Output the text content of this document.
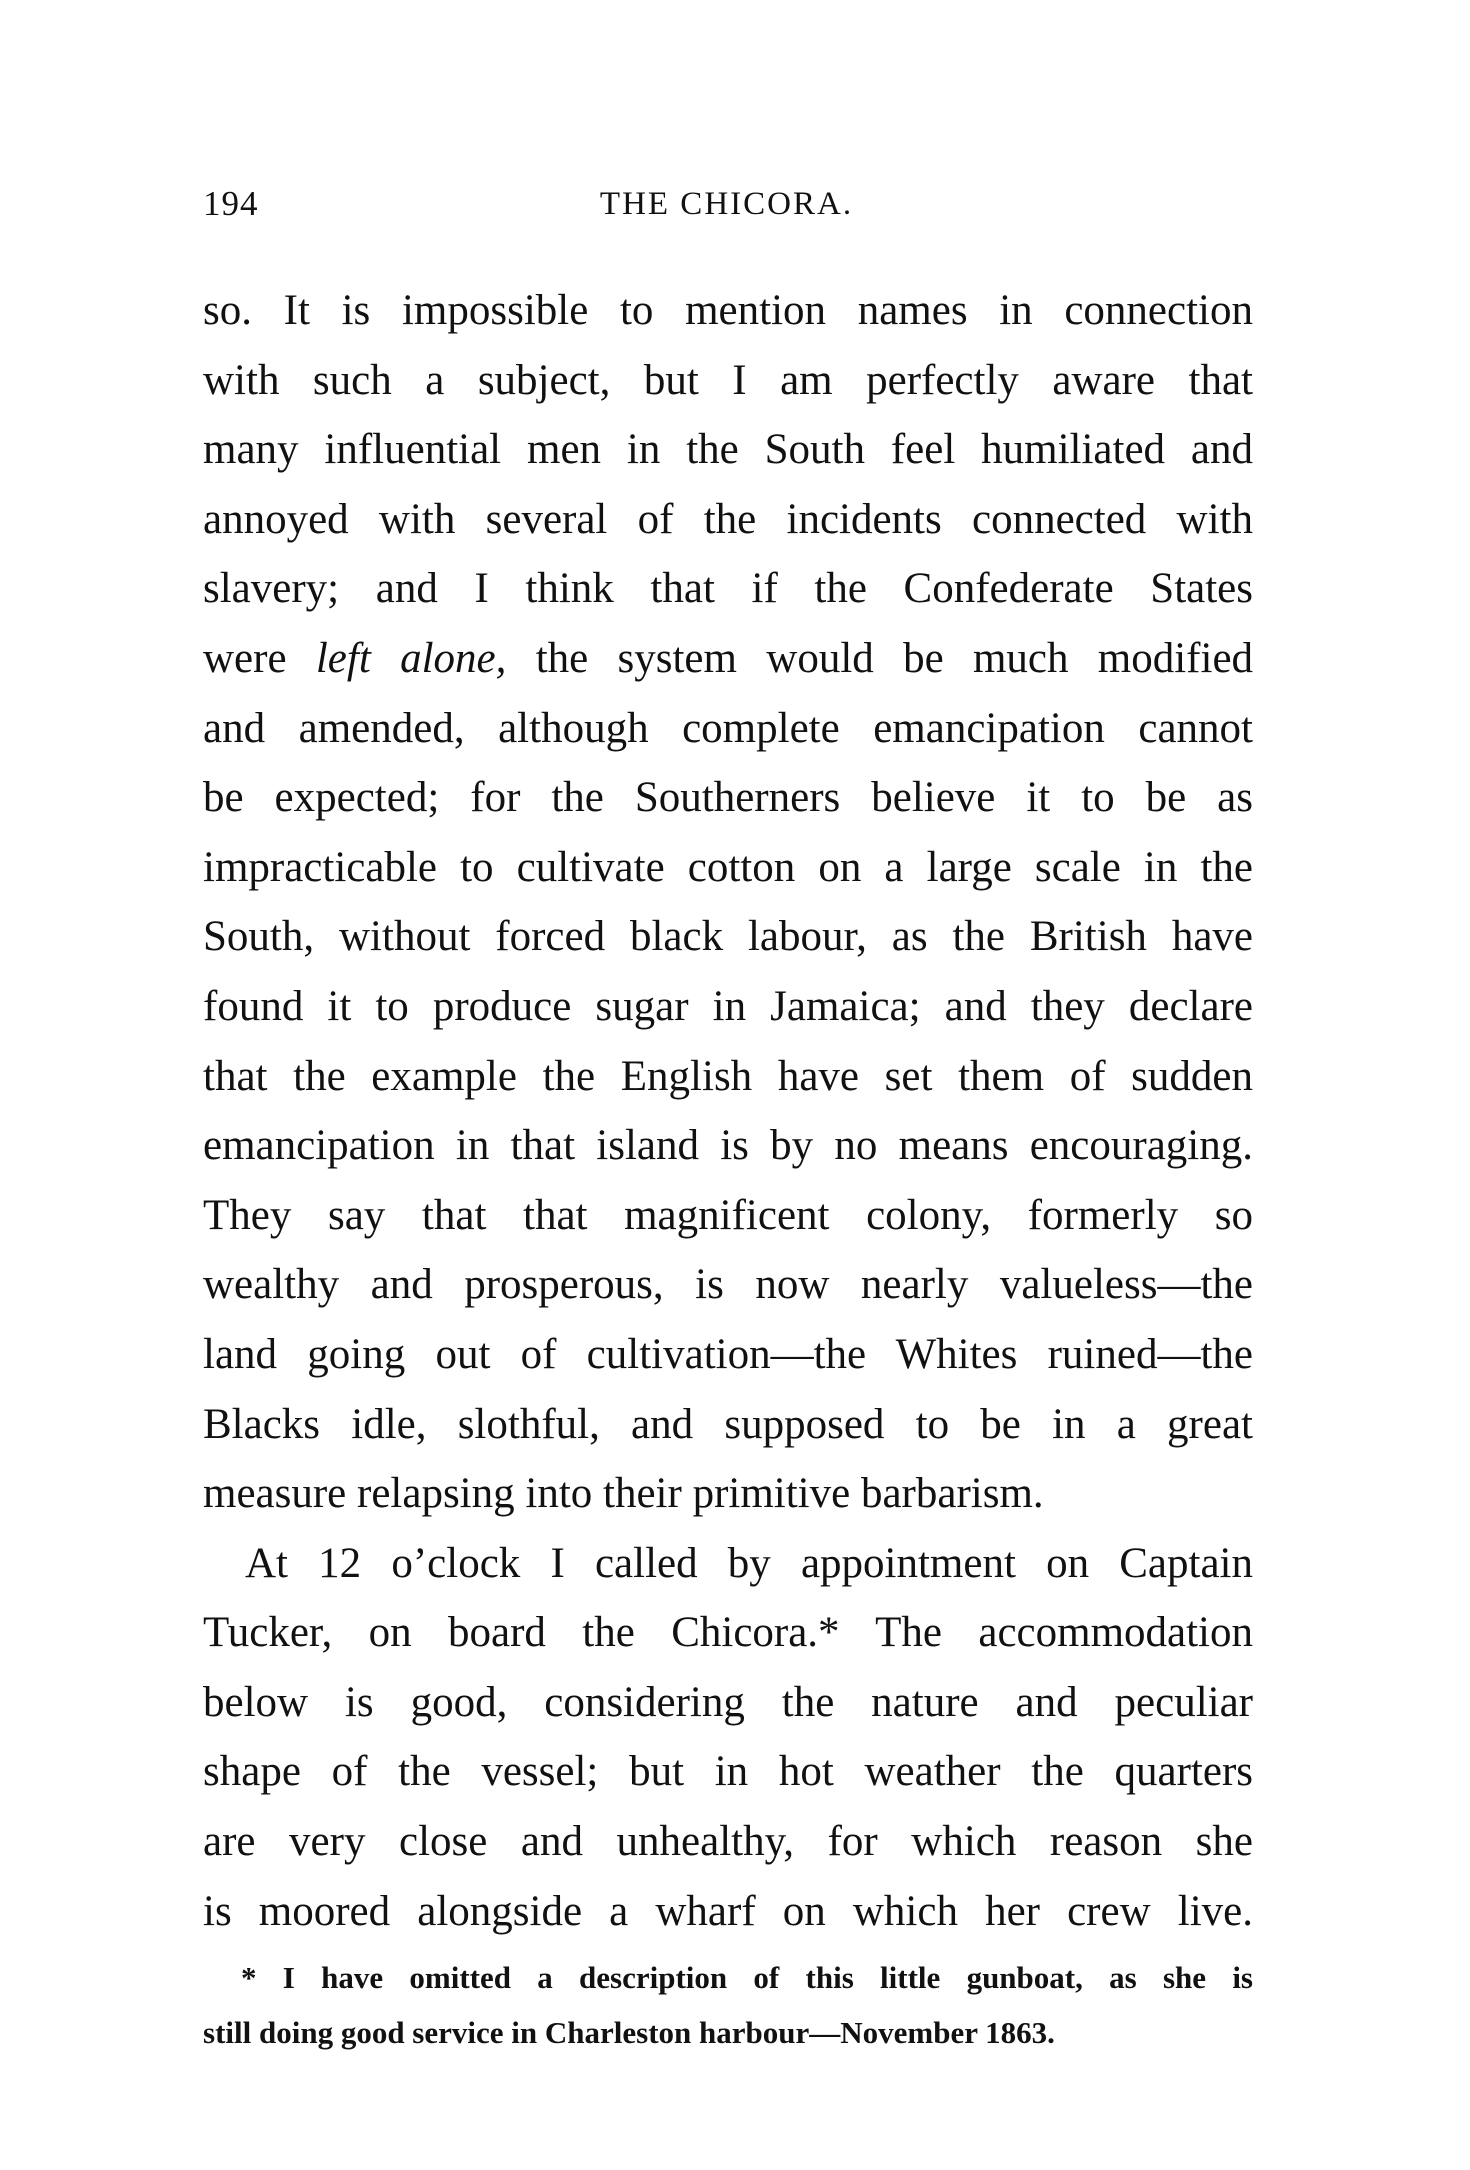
194	THE CHICORA.
so. It is impossible to mention names in connection
with such a subject, but I am perfectly aware that
many influential men in the South feel humiliated and
annoyed with several of the incidents connected with
slavery; and I think that if the Confederate States
were left alone, the system would be much modified
and amended, although complete emancipation cannot
be expected; for the Southerners believe it to be as
impracticable to cultivate cotton on a large scale in the
South, without forced black labour, as the British have
found it to produce sugar in Jamaica; and they declare
that the example the English have set them of sudden
emancipation in that island is by no means encouraging.
They say that that magnificent colony, formerly so
wealthy and prosperous, is now nearly valueless—the
land going out of cultivation—the Whites ruined—the
Blacks idle, slothful, and supposed to be in a great
measure relapsing into their primitive barbarism.
At 12 o’clock I called by appointment on Captain
Tucker, on board the Chicora.* The accommodation
below is good, considering the nature and peculiar
shape of the vessel; but in hot weather the quarters
are very close and unhealthy, for which reason she
is moored alongside a wharf on which her crew live.
* I have omitted a description of this little gunboat, as she is
still doing good service in Charleston harbour—November 1863.
